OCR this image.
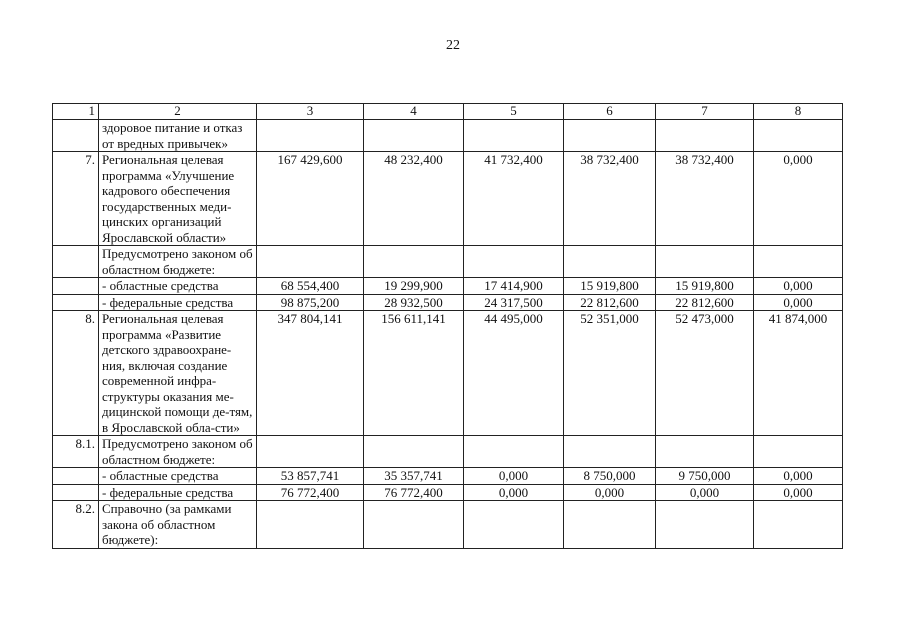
22
1	2	3	4	5	6	7	8
	здоровое питание и отказ от вредных привычек»						
7.	Региональная целевая программа «Улучшение кадрового обеспечения государственных меди-цинских организаций Ярославской области»	167 429,600	48 232,400	41 732,400	38 732,400	38 732,400	0,000
	Предусмотрено законом об областном бюджете:						
	- областные средства	68 554,400	19 299,900	17 414,900	15 919,800	15 919,800	0,000
	- федеральные средства	98 875,200	28 932,500	24 317,500	22 812,600	22 812,600	0,000
8.	Региональная целевая программа «Развитие детского здравоохране-ния, включая создание современной инфра-структуры оказания ме-дицинской помощи де-тям, в Ярославской обла-сти»	347 804,141	156 611,141	44 495,000	52 351,000	52 473,000	41 874,000
8.1.	Предусмотрено законом об областном бюджете:						
	- областные средства	53 857,741	35 357,741	0,000	8 750,000	9 750,000	0,000
	- федеральные средства	76 772,400	76 772,400	0,000	0,000	0,000	0,000
8.2.	Справочно (за рамками закона об областном бюджете):						
